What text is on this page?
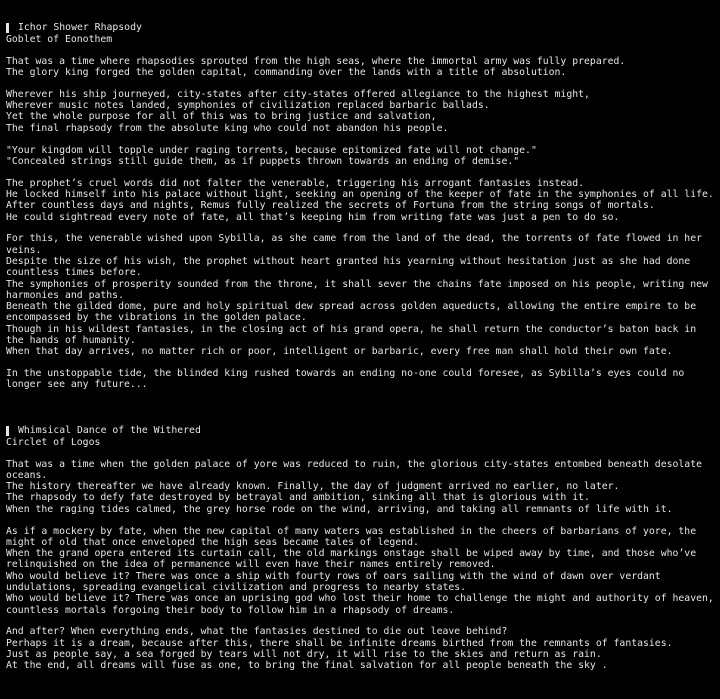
Ichor Shower Rhapsody
Goblet of Eonothem
That was a time where rhapsodies sprouted from the high seas, where the immortal army was fully prepared.
The glory king forged the golden capital, commanding over the lands with a title of absolution.
Wherever his ship journeyed, city-states after city-states offered allegiance to the highest might,
Wherever music notes landed, symphonies of civilization replaced barbaric ballads.
Yet the whole purpose for all of this was to bring justice and salvation,
The final rhapsody from the absolute king who could not abandon his people.
"Your kingdom will topple under raging torrents, because epitomized fate will not change."
"Concealed strings still guide them, as if puppets thrown towards an ending of demise."
The prophet’s cruel words did not falter the venerable, triggering his arrogant fantasies instead.
He locked himself into his palace without light, seeking an opening of the keeper of fate in the symphonies of all life.
After countless days and nights, Remus fully realized the secrets of Fortuna from the string songs of mortals.
He could sightread every note of fate, all that’s keeping him from writing fate was just a pen to do so.
For this, the venerable wished upon Sybilla, as she came from the land of the dead, the torrents of fate flowed in her veins.
Despite the size of his wish, the prophet without heart granted his yearning without hesitation just as she had done countless times before.
The symphonies of prosperity sounded from the throne, it shall sever the chains fate imposed on his people, writing new harmonies and paths.
Beneath the gilded dome, pure and holy spiritual dew spread across golden aqueducts, allowing the entire empire to be encompassed by the vibrations in the golden palace.
Though in his wildest fantasies, in the closing act of his grand opera, he shall return the conductor’s baton back in the hands of humanity.
When that day arrives, no matter rich or poor, intelligent or barbaric, every free man shall hold their own fate.
In the unstoppable tide, the blinded king rushed towards an ending no-one could foresee, as Sybilla’s eyes could no longer see any future...
Whimsical Dance of the Withered
Circlet of Logos
That was a time when the golden palace of yore was reduced to ruin, the glorious city-states entombed beneath desolate oceans.
The history thereafter we have already known. Finally, the day of judgment arrived no earlier, no later.
The rhapsody to defy fate destroyed by betrayal and ambition, sinking all that is glorious with it.
When the raging tides calmed, the grey horse rode on the wind, arriving, and taking all remnants of life with it.
As if a mockery by fate, when the new capital of many waters was established in the cheers of barbarians of yore, the might of old that once enveloped the high seas became tales of legend.
When the grand opera entered its curtain call, the old markings onstage shall be wiped away by time, and those who’ve relinquished on the idea of permanence will even have their names entirely removed.
Who would believe it? There was once a ship with fourty rows of oars sailing with the wind of dawn over verdant undulations, spreading evangelical civilization and progress to nearby states.
Who would believe it? There was once an uprising god who lost their home to challenge the might and authority of heaven, countless mortals forgoing their body to follow him in a rhapsody of dreams.
And after? When everything ends, what the fantasies destined to die out leave behind?
Perhaps it is a dream, because after this, there shall be infinite dreams birthed from the remnants of fantasies.
Just as people say, a sea forged by tears will not dry, it will rise to the skies and return as rain.
At the end, all dreams will fuse as one, to bring the final salvation for all people beneath the sky .
